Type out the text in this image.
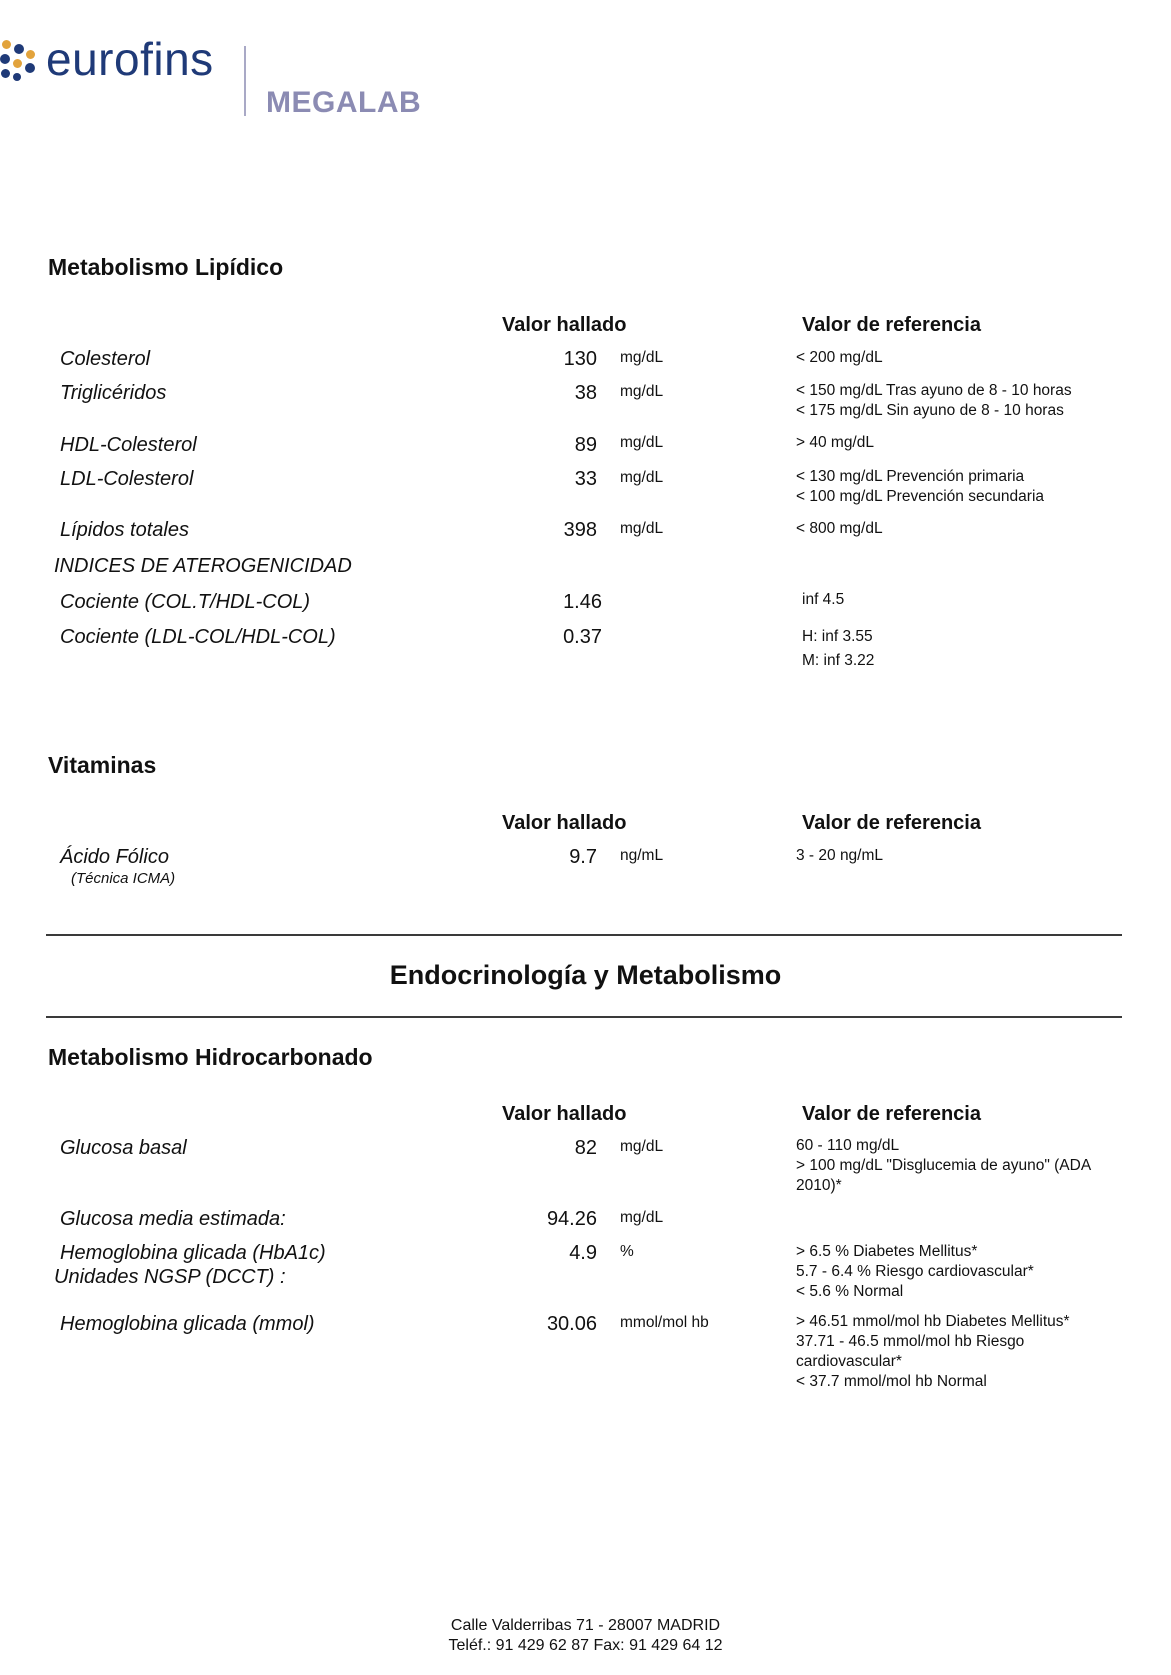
eurofins
MEGALAB
Metabolismo Lipídico
Valor hallado	Valor de referencia
Colesterol	130 mg/dL	< 200 mg/dL
Triglicéridos	38 mg/dL	< 150 mg/dL Tras ayuno de 8 - 10 horas
< 175 mg/dL Sin ayuno de 8 - 10 horas
HDL-Colesterol	89 mg/dL	> 40 mg/dL
LDL-Colesterol	33 mg/dL	< 130 mg/dL Prevención primaria
< 100 mg/dL Prevención secundaria
Lípidos totales	398 mg/dL	< 800 mg/dL
INDICES DE ATEROGENICIDAD
Cociente (COL.T/HDL-COL)	1.46	inf 4.5
Cociente (LDL-COL/HDL-COL)	0.37	H: inf 3.55
M: inf 3.22
Vitaminas
Valor hallado	Valor de referencia
Ácido Fólico
(Técnica ICMA)
9.7 ng/mL	3 - 20 ng/mL
Endocrinología y Metabolismo
Metabolismo Hidrocarbonado
Valor hallado	Valor de referencia
Glucosa basal	82 mg/dL	60 - 110 mg/dL
> 100 mg/dL "Disglucemia de ayuno" (ADA
2010)*
Glucosa media estimada:	94.26 mg/dL
Hemoglobina glicada (HbA1c)
Unidades NGSP (DCCT) :
4.9 %	> 6.5 % Diabetes Mellitus*
5.7 - 6.4 % Riesgo cardiovascular*
< 5.6 % Normal
Hemoglobina glicada (mmol)	30.06 mmol/mol hb	> 46.51 mmol/mol hb Diabetes Mellitus*
37.71 - 46.5 mmol/mol hb Riesgo
cardiovascular*
< 37.7 mmol/mol hb Normal
Calle Valderribas 71 - 28007 MADRID
Teléf.: 91 429 62 87 Fax: 91 429 64 12
